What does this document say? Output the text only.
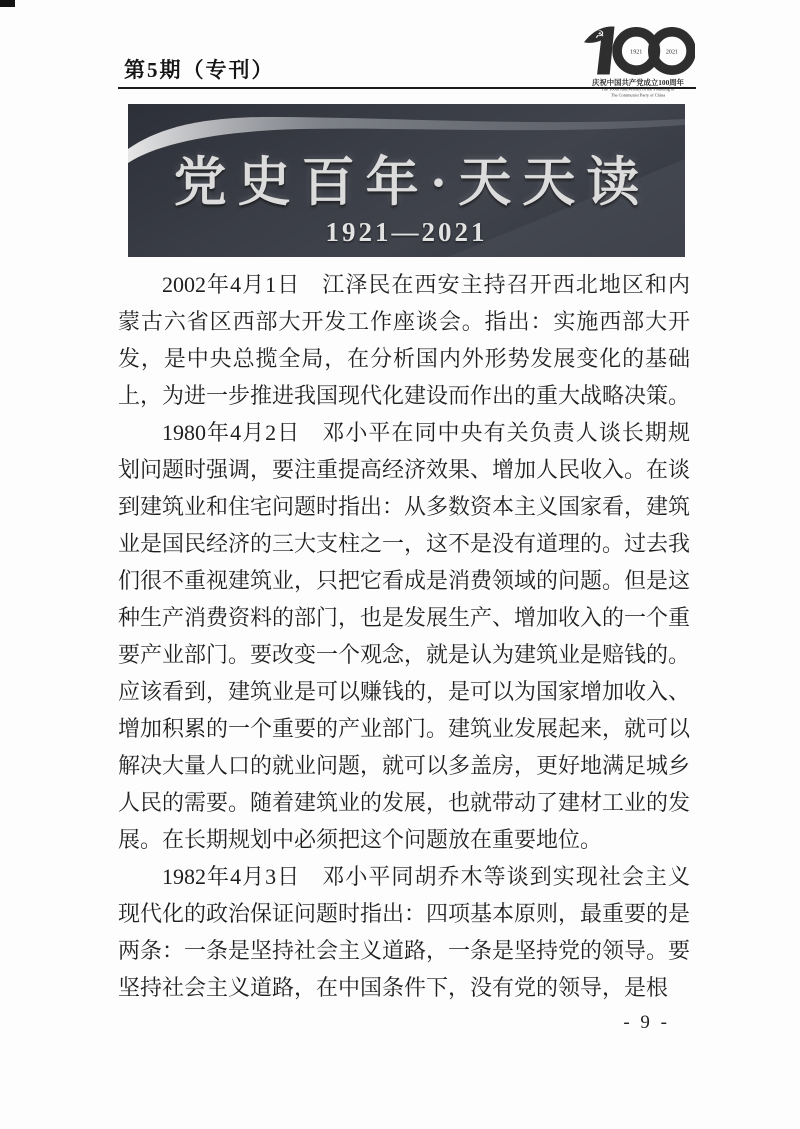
第5期（专刊）
☭
1921	2021
庆祝中国共产党成立100周年
The 100th Anniversary of the Founding of
The Communist Party of China
党史百年·天天读
1921—2021

2002年4月1日 江泽民在西安主持召开西北地区和内蒙古六省区西部大开发工作座谈会。指出：实施西部大开发，是中央总揽全局，在分析国内外形势发展变化的基础上，为进一步推进我国现代化建设而作出的重大战略决策。

1980年4月2日 邓小平在同中央有关负责人谈长期规划问题时强调，要注重提高经济效果、增加人民收入。在谈到建筑业和住宅问题时指出：从多数资本主义国家看，建筑业是国民经济的三大支柱之一，这不是没有道理的。过去我们很不重视建筑业，只把它看成是消费领域的问题。但是这种生产消费资料的部门，也是发展生产、增加收入的一个重要产业部门。要改变一个观念，就是认为建筑业是赔钱的。应该看到，建筑业是可以赚钱的，是可以为国家增加收入、增加积累的一个重要的产业部门。建筑业发展起来，就可以解决大量人口的就业问题，就可以多盖房，更好地满足城乡人民的需要。随着建筑业的发展，也就带动了建材工业的发展。在长期规划中必须把这个问题放在重要地位。

1982年4月3日 邓小平同胡乔木等谈到实现社会主义现代化的政治保证问题时指出：四项基本原则，最重要的是两条：一条是坚持社会主义道路，一条是坚持党的领导。要坚持社会主义道路，在中国条件下，没有党的领导，是根

- 9 -
